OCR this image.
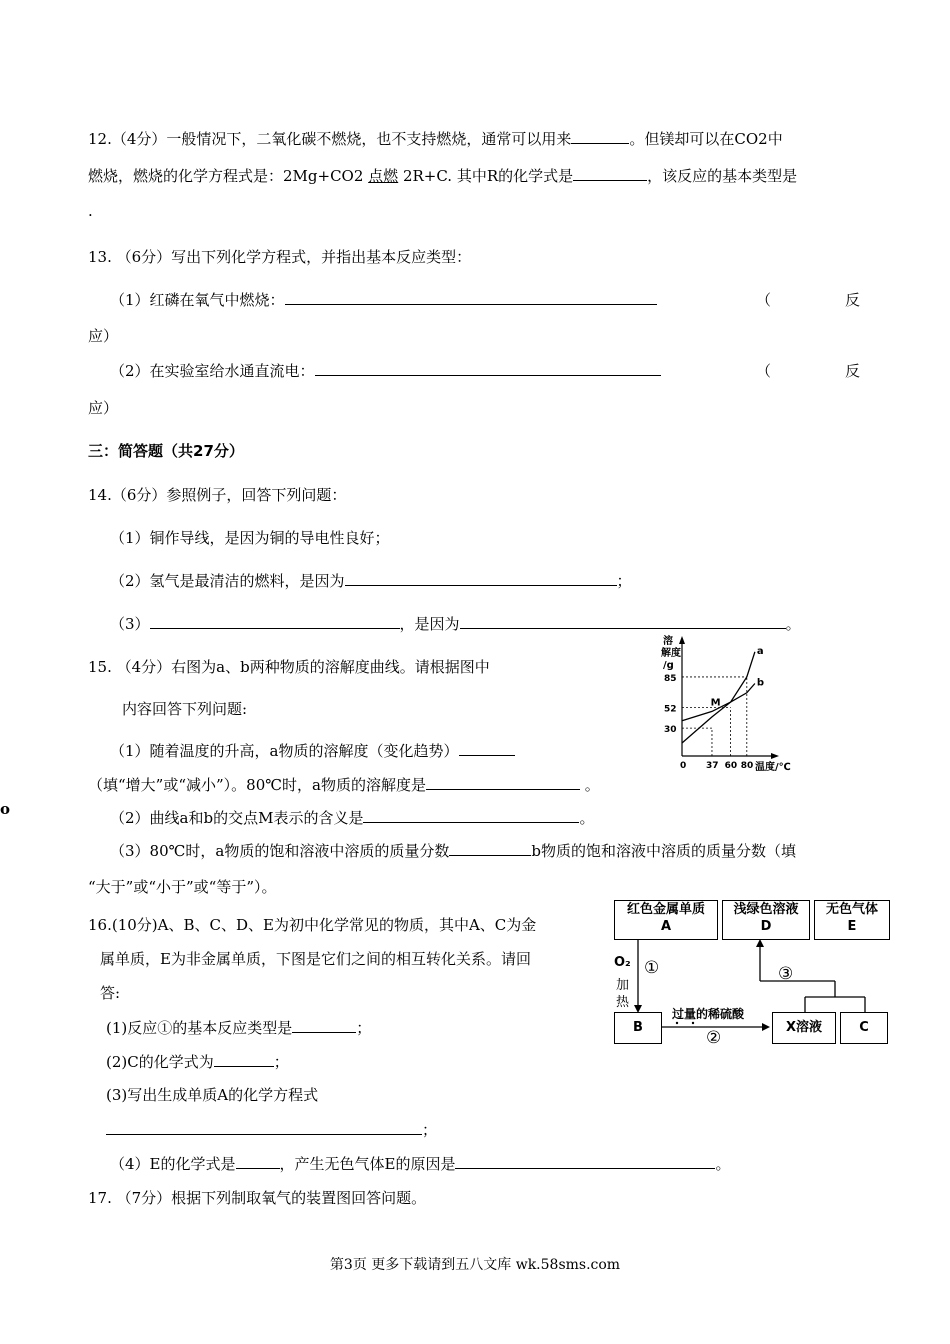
12.（4分）一般情况下，二氧化碳不燃烧，也不支持燃烧，通常可以用来	。但镁却可以在CO2中
燃烧，燃烧的化学方程式是：2Mg+CO2 点燃 2R+C. 其中R的化学式是	，该反应的基本类型是
.
13. （6分）写出下列化学方程式，并指出基本反应类型：
（1）红磷在氧气中燃烧：	（	反
应）
（2）在实验室给水通直流电：	（	反
应）
三：简答题（共27分）
14.（6分）参照例子，回答下列问题：
（1）铜作导线，是因为铜的导电性良好；
（2）氢气是最清洁的燃料，是因为	；
（3）	，是因为	。
15. （4分）右图为a、b两种物质的溶解度曲线。请根据图中
内容回答下列问题:
（1）随着温度的升高，a物质的溶解度（变化趋势）
（填“增大”或“减小”）。80℃时，a物质的溶解度是	。
o	（2）曲线a和b的交点M表示的含义是	。
（3）80℃时，a物质的饱和溶液中溶质的质量分数	b物质的饱和溶液中溶质的质量分数（填
“大于”或“小于”或“等于”）。
溶
解度
/g
温度/℃
30
52
85
0 37 60 80
a
b
M
16.(10分)A、B、C、D、E为初中化学常见的物质，其中A、C为金
属单质，E为非金属单质，下图是它们之间的相互转化关系。请回
答:
(1)反应①的基本反应类型是	；
(2)C的化学式为	；
(3)写出生成单质A的化学方程式
；
（4）E的化学式是	，产生无色气体E的原因是	。
红色金属单质
A
浅绿色溶液
D
无色气体
E
B	X溶液	C
O₂
加
热
①
②
③
过量的稀硫酸
17. （7分）根据下列制取氧气的装置图回答问题。
第3页 更多下载请到五八文库 wk.58sms.com
